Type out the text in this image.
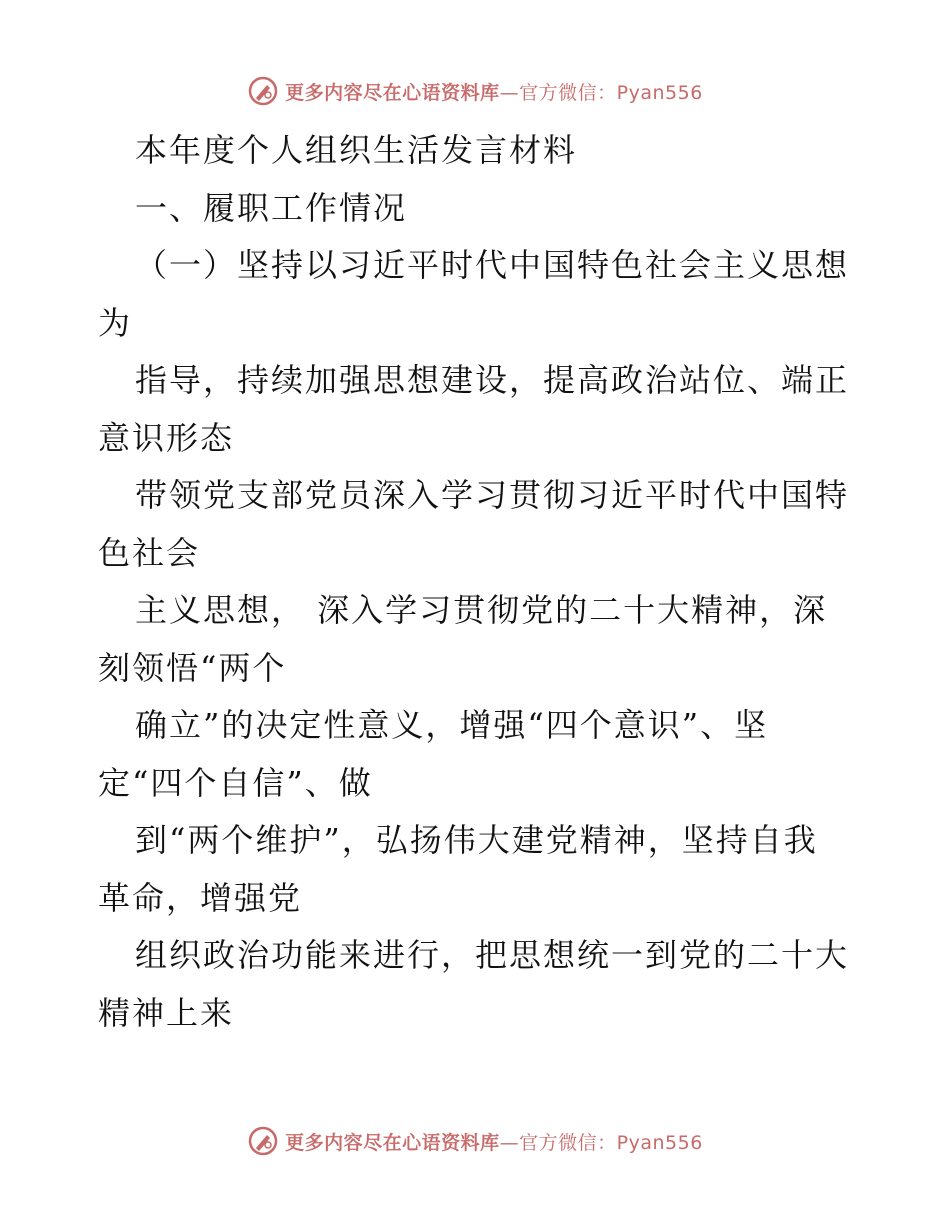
更多内容尽在心语资料库—官方微信：Pyan556
本年度个人组织生活发言材料
一、履职工作情况
（一）坚持以习近平时代中国特色社会主义思想
为
指导，持续加强思想建设，提高政治站位、端正
意识形态
带领党支部党员深入学习贯彻习近平时代中国特
色社会
主义思想， 深入学习贯彻党的二十大精神，深
刻领悟“两个
确立”的决定性意义，增强“四个意识”、坚
定“四个自信”、做
到“两个维护”，弘扬伟大建党精神，坚持自我
革命，增强党
组织政治功能来进行，把思想统一到党的二十大
精神上来
更多内容尽在心语资料库—官方微信：Pyan556
